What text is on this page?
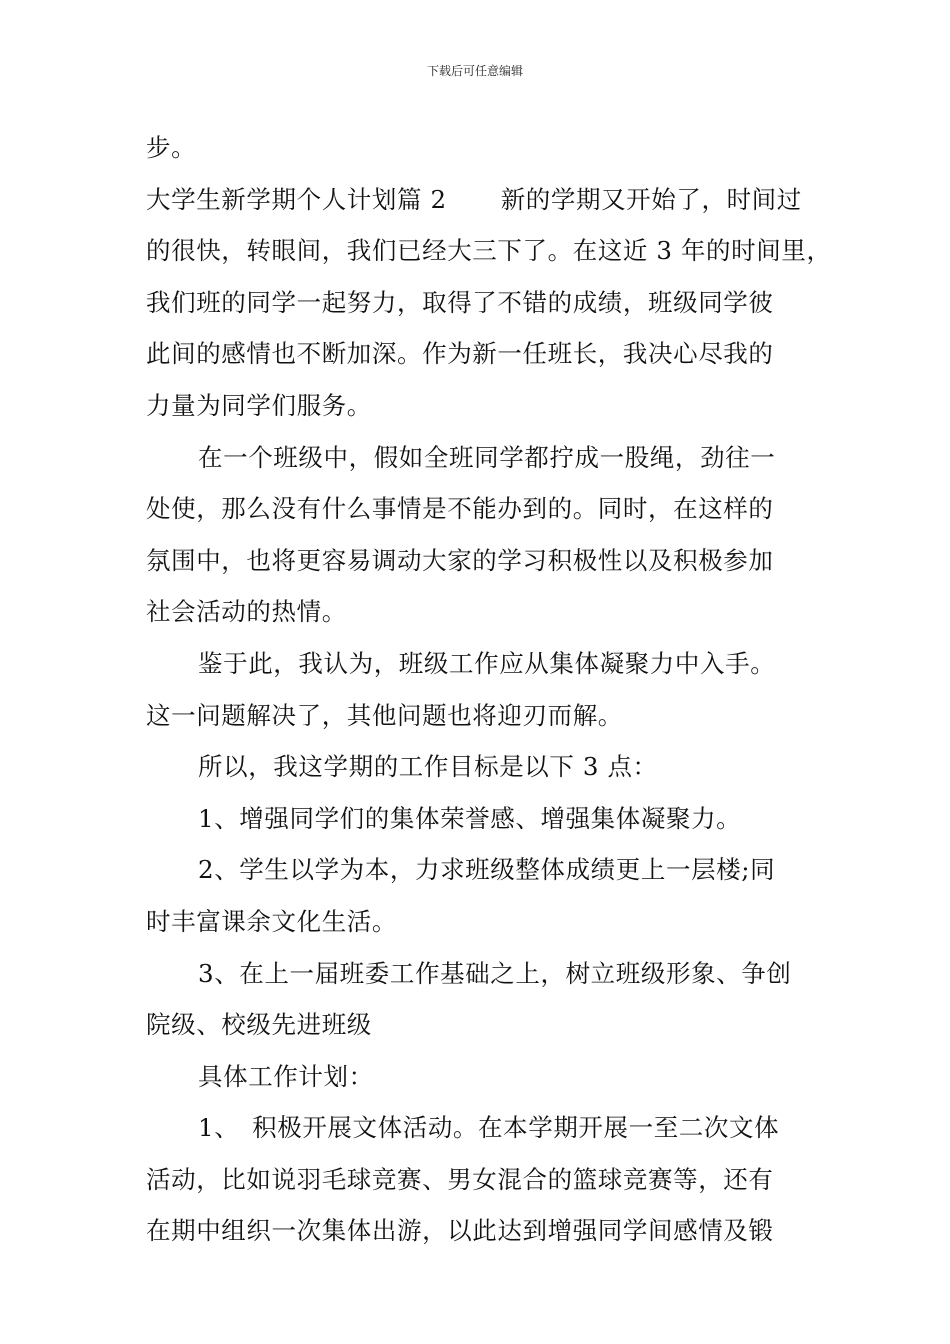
下载后可任意编辑
步。
大学生新学期个人计划篇 2 新的学期又开始了，时间过
的很快，转眼间，我们已经大三下了。在这近 3 年的时间里，
我们班的同学一起努力，取得了不错的成绩，班级同学彼
此间的感情也不断加深。作为新一任班长，我决心尽我的
力量为同学们服务。
在一个班级中，假如全班同学都拧成一股绳，劲往一
处使，那么没有什么事情是不能办到的。同时，在这样的
氛围中，也将更容易调动大家的学习积极性以及积极参加
社会活动的热情。
鉴于此，我认为，班级工作应从集体凝聚力中入手。
这一问题解决了，其他问题也将迎刃而解。
所以，我这学期的工作目标是以下 3 点：
1、增强同学们的集体荣誉感、增强集体凝聚力。
2、学生以学为本，力求班级整体成绩更上一层楼;同
时丰富课余文化生活。
3、在上一届班委工作基础之上，树立班级形象、争创
院级、校级先进班级
具体工作计划：
1、　积极开展文体活动。在本学期开展一至二次文体
活动，比如说羽毛球竞赛、男女混合的篮球竞赛等，还有
在期中组织一次集体出游，以此达到增强同学间感情及锻
